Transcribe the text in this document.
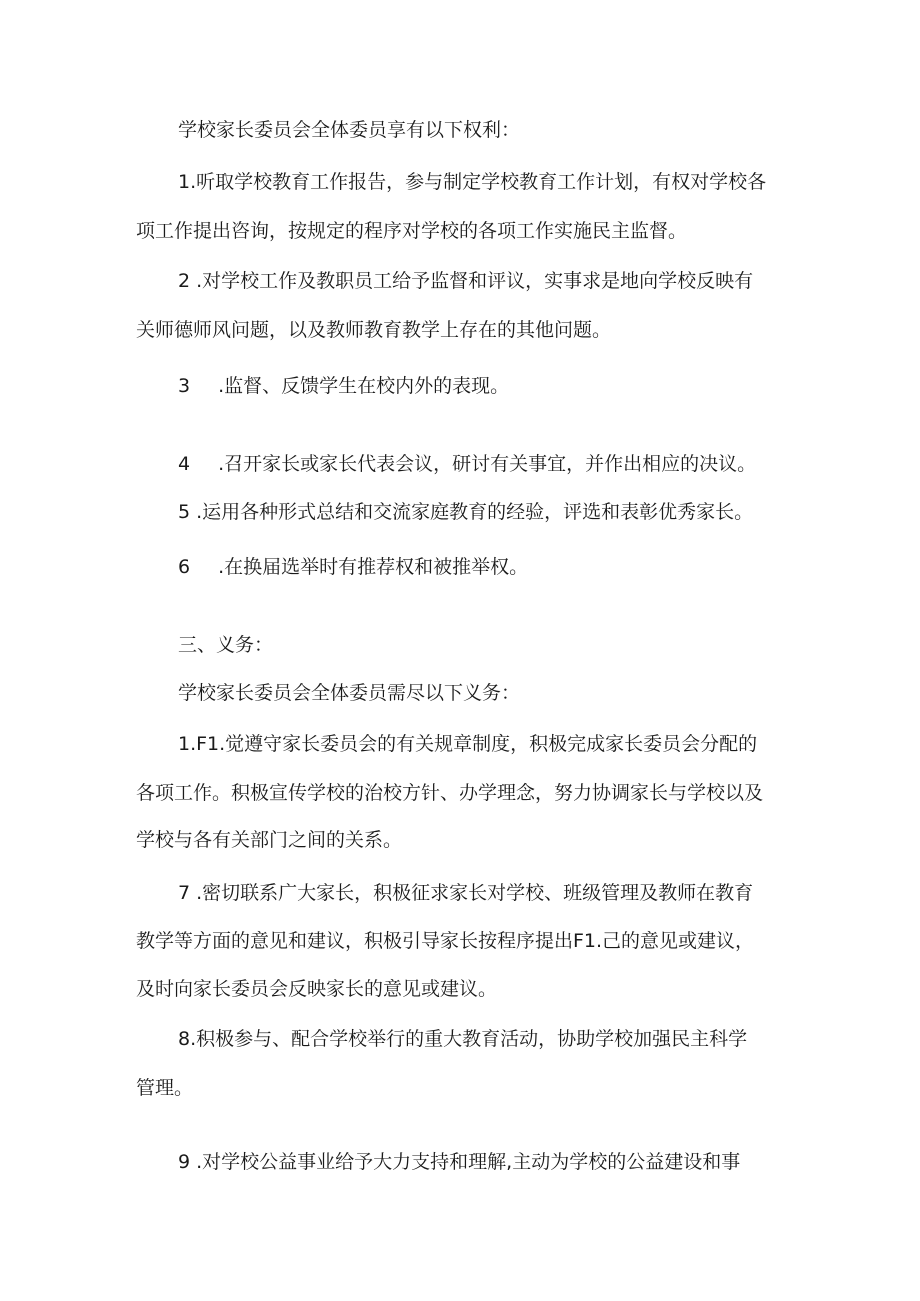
学校家长委员会全体委员享有以下权利：

1.听取学校教育工作报告，参与制定学校教育工作计划，有权对学校各

项工作提出咨询，按规定的程序对学校的各项工作实施民主监督。

2 .对学校工作及教职员工给予监督和评议，实事求是地向学校反映有

关师德师风问题，以及教师教育教学上存在的其他问题。

3 .监督、反馈学生在校内外的表现。

4 .召开家长或家长代表会议，研讨有关事宜，并作出相应的决议。

5 .运用各种形式总结和交流家庭教育的经验，评选和表彰优秀家长。

6 .在换届选举时有推荐权和被推举权。

三、义务：

学校家长委员会全体委员需尽以下义务：

1.F1.觉遵守家长委员会的有关规章制度，积极完成家长委员会分配的

各项工作。积极宣传学校的治校方针、办学理念，努力协调家长与学校以及

学校与各有关部门之间的关系。

7 .密切联系广大家长，积极征求家长对学校、班级管理及教师在教育

教学等方面的意见和建议，积极引导家长按程序提出F1.己的意见或建议，

及时向家长委员会反映家长的意见或建议。

8.积极参与、配合学校举行的重大教育活动，协助学校加强民主科学

管理。

9 .对学校公益事业给予大力支持和理解,主动为学校的公益建设和事
